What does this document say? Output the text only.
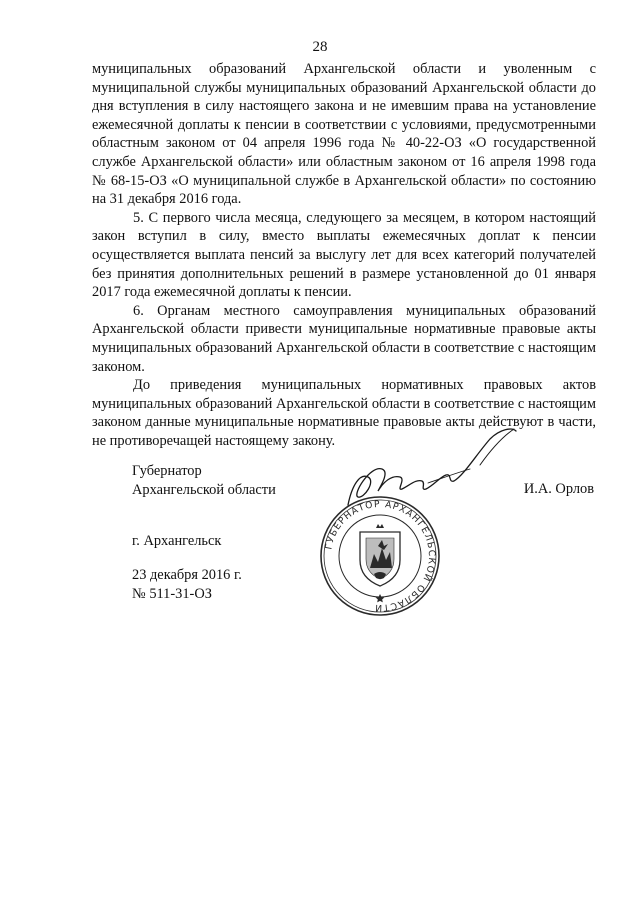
28

муниципальных образований Архангельской области и уволенным с муниципальной службы муниципальных образований Архангельской области до дня вступления в силу настоящего закона и не имевшим права на установление ежемесячной доплаты к пенсии в соответствии с условиями, предусмотренными областным законом от 04 апреля 1996 года № 40-22-ОЗ «О государственной службе Архангельской области» или областным законом от 16 апреля 1998 года № 68-15-ОЗ «О муниципальной службе в Архангельской области» по состоянию на 31 декабря 2016 года.

5. С первого числа месяца, следующего за месяцем, в котором настоящий закон вступил в силу, вместо выплаты ежемесячных доплат к пенсии осуществляется выплата пенсий за выслугу лет для всех категорий получателей без принятия дополнительных решений в размере установленной до 01 января 2017 года ежемесячной доплаты к пенсии.

6. Органам местного самоуправления муниципальных образований Архангельской области привести муниципальные нормативные правовые акты муниципальных образований Архангельской области в соответствие с настоящим законом.

До приведения муниципальных нормативных правовых актов муниципальных образований Архангельской области в соответствие с настоящим законом данные муниципальные нормативные правовые акты действуют в части, не противоречащей настоящему закону.

Губернатор
Архангельской области	И.А. Орлов
ГУБЕРНАТОР АРХАНГЕЛЬСКОЙ ОБЛАСТИ
г. Архангельск
23 декабря 2016 г.
№ 511-31-ОЗ
